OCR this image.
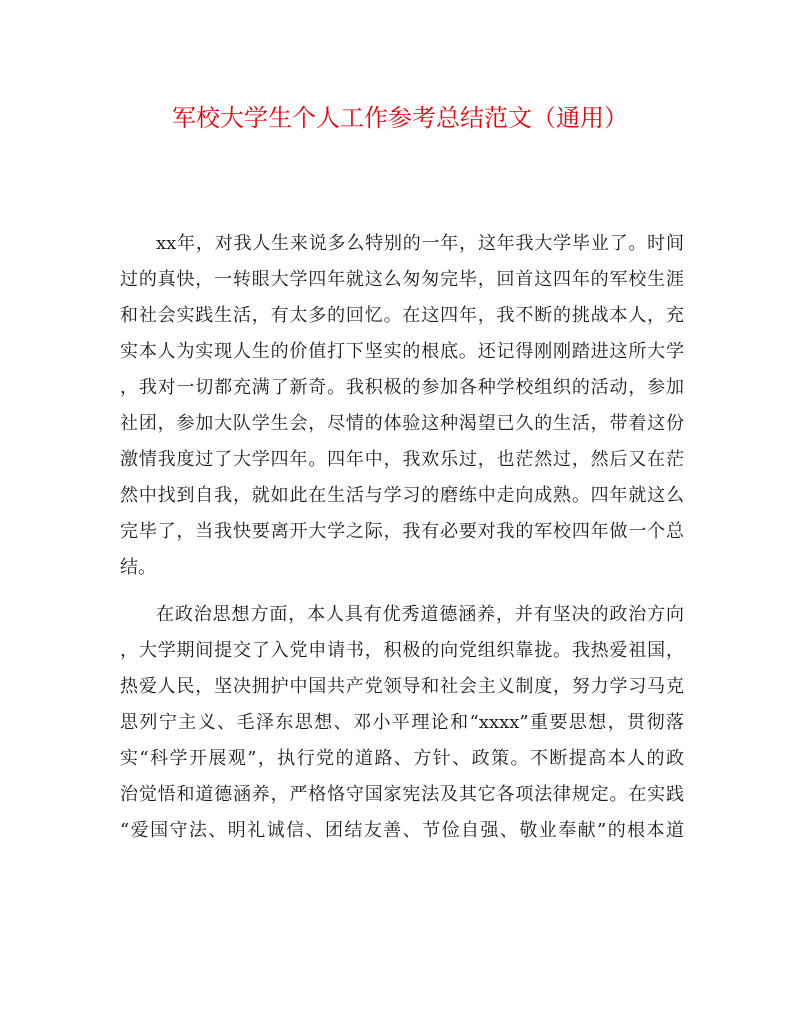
军校大学生个人工作参考总结范文（通用）
xx年，对我人生来说多么特别的一年，这年我大学毕业了。时间
过的真快，一转眼大学四年就这么匆匆完毕，回首这四年的军校生涯
和社会实践生活，有太多的回忆。在这四年，我不断的挑战本人，充
实本人为实现人生的价值打下坚实的根底。还记得刚刚踏进这所大学
，我对一切都充满了新奇。我积极的参加各种学校组织的活动，参加
社团，参加大队学生会，尽情的体验这种渴望已久的生活，带着这份
激情我度过了大学四年。四年中，我欢乐过，也茫然过，然后又在茫
然中找到自我，就如此在生活与学习的磨练中走向成熟。四年就这么
完毕了，当我快要离开大学之际，我有必要对我的军校四年做一个总
结。
在政治思想方面，本人具有优秀道德涵养，并有坚决的政治方向
，大学期间提交了入党申请书，积极的向党组织靠拢。我热爱祖国，
热爱人民，坚决拥护中国共产党领导和社会主义制度，努力学习马克
思列宁主义、毛泽东思想、邓小平理论和“xxxx”重要思想，贯彻落
实“科学开展观”，执行党的道路、方针、政策。不断提高本人的政
治觉悟和道德涵养，严格恪守国家宪法及其它各项法律规定。在实践
“爱国守法、明礼诚信、团结友善、节俭自强、敬业奉献”的根本道
